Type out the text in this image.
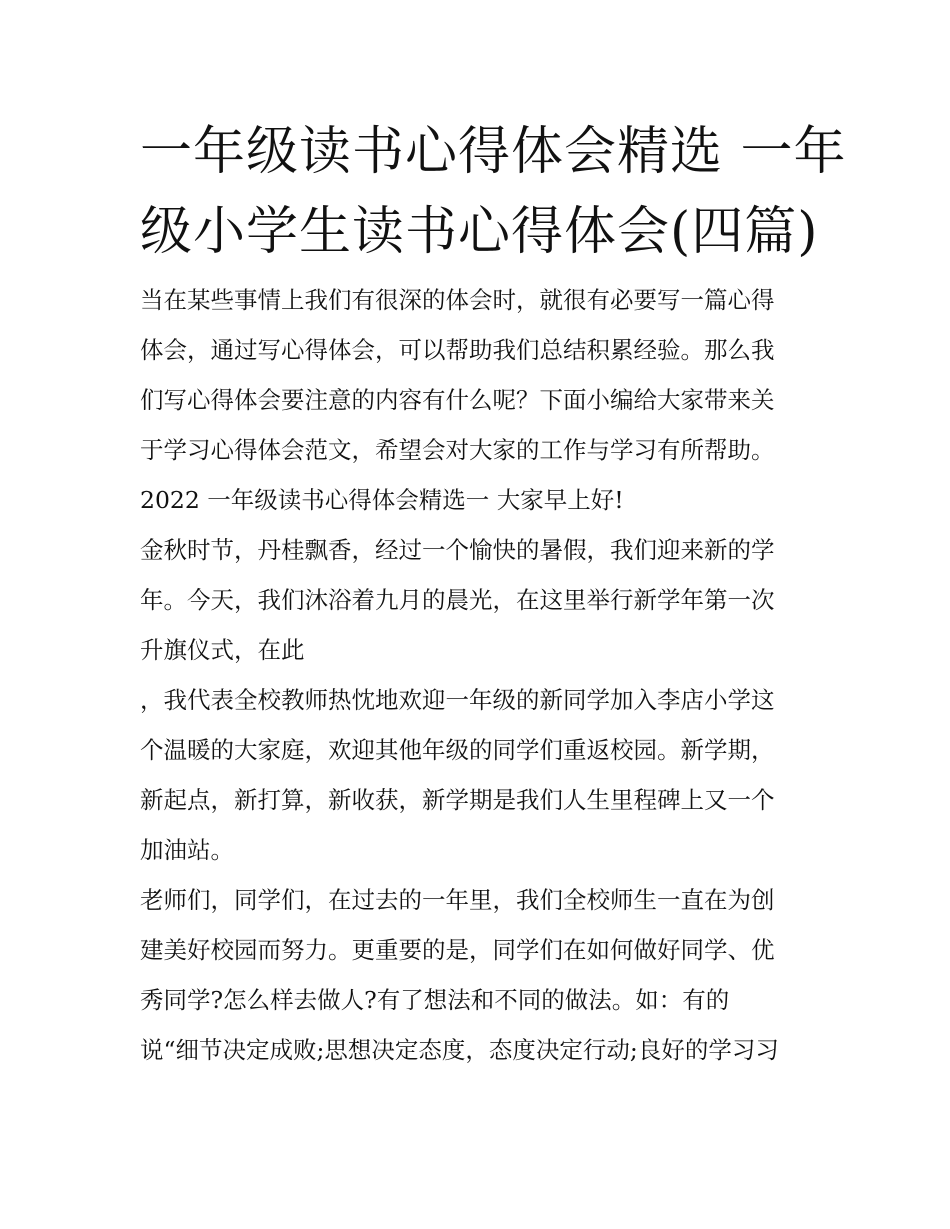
一年级读书心得体会精选 一年
级小学生读书心得体会(四篇)
当在某些事情上我们有很深的体会时，就很有必要写一篇心得
体会，通过写心得体会，可以帮助我们总结积累经验。那么我
们写心得体会要注意的内容有什么呢？下面小编给大家带来关
于学习心得体会范文，希望会对大家的工作与学习有所帮助。
2022 一年级读书心得体会精选一 大家早上好!
金秋时节，丹桂飘香，经过一个愉快的暑假，我们迎来新的学
年。今天，我们沐浴着九月的晨光，在这里举行新学年第一次
升旗仪式，在此
，我代表全校教师热忱地欢迎一年级的新同学加入李店小学这
个温暖的大家庭，欢迎其他年级的同学们重返校园。新学期，
新起点，新打算，新收获，新学期是我们人生里程碑上又一个
加油站。
老师们，同学们，在过去的一年里，我们全校师生一直在为创
建美好校园而努力。更重要的是，同学们在如何做好同学、优
秀同学?怎么样去做人?有了想法和不同的做法。如：有的
说“细节决定成败;思想决定态度，态度决定行动;良好的学习习
